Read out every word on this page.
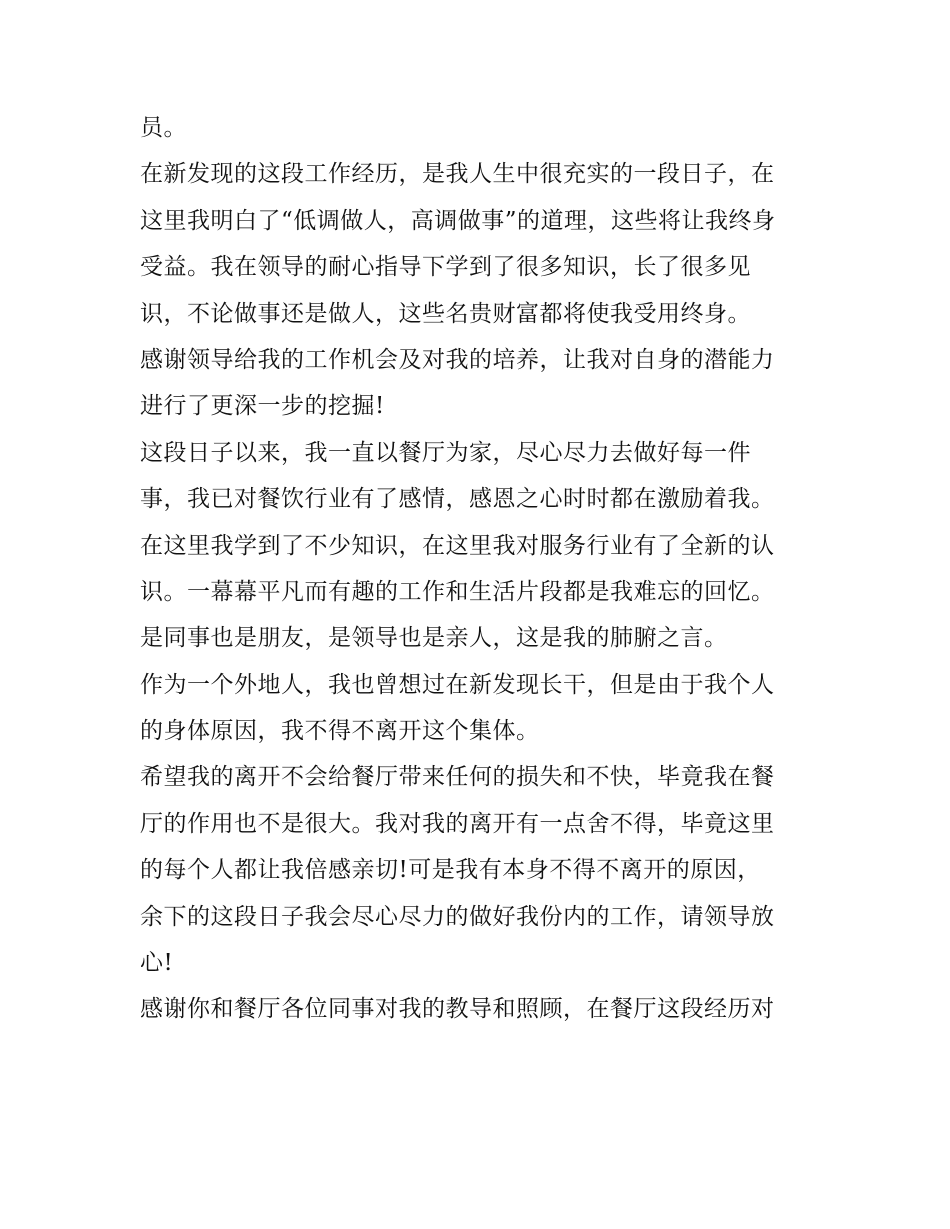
员。
在新发现的这段工作经历，是我人生中很充实的一段日子，在
这里我明白了“低调做人，高调做事”的道理，这些将让我终身
受益。我在领导的耐心指导下学到了很多知识，长了很多见
识，不论做事还是做人，这些名贵财富都将使我受用终身。
感谢领导给我的工作机会及对我的培养，让我对自身的潜能力
进行了更深一步的挖掘!
这段日子以来，我一直以餐厅为家，尽心尽力去做好每一件
事，我已对餐饮行业有了感情，感恩之心时时都在激励着我。
在这里我学到了不少知识，在这里我对服务行业有了全新的认
识。一幕幕平凡而有趣的工作和生活片段都是我难忘的回忆。
是同事也是朋友，是领导也是亲人，这是我的肺腑之言。
作为一个外地人，我也曾想过在新发现长干，但是由于我个人
的身体原因，我不得不离开这个集体。
希望我的离开不会给餐厅带来任何的损失和不快，毕竟我在餐
厅的作用也不是很大。我对我的离开有一点舍不得，毕竟这里
的每个人都让我倍感亲切!可是我有本身不得不离开的原因，
余下的这段日子我会尽心尽力的做好我份内的工作，请领导放
心!
感谢你和餐厅各位同事对我的教导和照顾，在餐厅这段经历对
